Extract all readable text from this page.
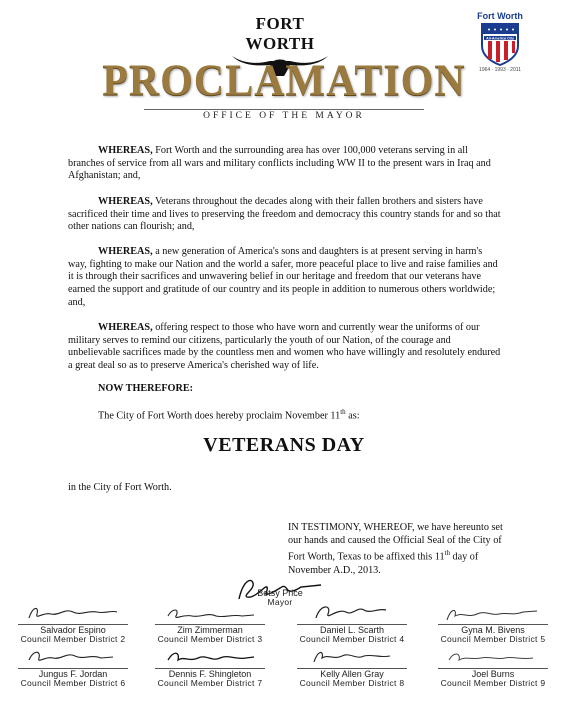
FORT WORTH
PROCLAMATION
OFFICE OF THE MAYOR
Fort Worth
All-America City
1964 · 1993 · 2011

WHEREAS, Fort Worth and the surrounding area has over 100,000 veterans serving in all branches of service from all wars and military conflicts including WW II to the present wars in Iraq and Afghanistan; and,

WHEREAS, Veterans throughout the decades along with their fallen brothers and sisters have sacrificed their time and lives to preserving the freedom and democracy this country stands for and so that other nations can flourish; and,

WHEREAS, a new generation of America's sons and daughters is at present serving in harm's way, fighting to make our Nation and the world a safer, more peaceful place to live and raise families and it is through their sacrifices and unwavering belief in our heritage and freedom that our veterans have earned the support and gratitude of our country and its people in addition to numerous others worldwide; and,

WHEREAS, offering respect to those who have worn and currently wear the uniforms of our military serves to remind our citizens, particularly the youth of our Nation, of the courage and unbelievable sacrifices made by the countless men and women who have willingly and resolutely endured a great deal so as to preserve America's cherished way of life.

NOW THEREFORE:
The City of Fort Worth does hereby proclaim November 11th as:
VETERANS DAY
in the City of Fort Worth.
IN TESTIMONY, WHEREOF, we have hereunto set our hands and caused the Official Seal of the City of Fort Worth, Texas to be affixed this 11th day of November A.D., 2013.
Betsy Price
Mayor
Salvador Espino
Council Member District 2
Zim Zimmerman
Council Member District 3
Daniel L. Scarth
Council Member District 4
Gyna M. Bivens
Council Member District 5
Jungus F. Jordan
Council Member District 6
Dennis F. Shingleton
Council Member District 7
Kelly Allen Gray
Council Member District 8
Joel Burns
Council Member District 9
